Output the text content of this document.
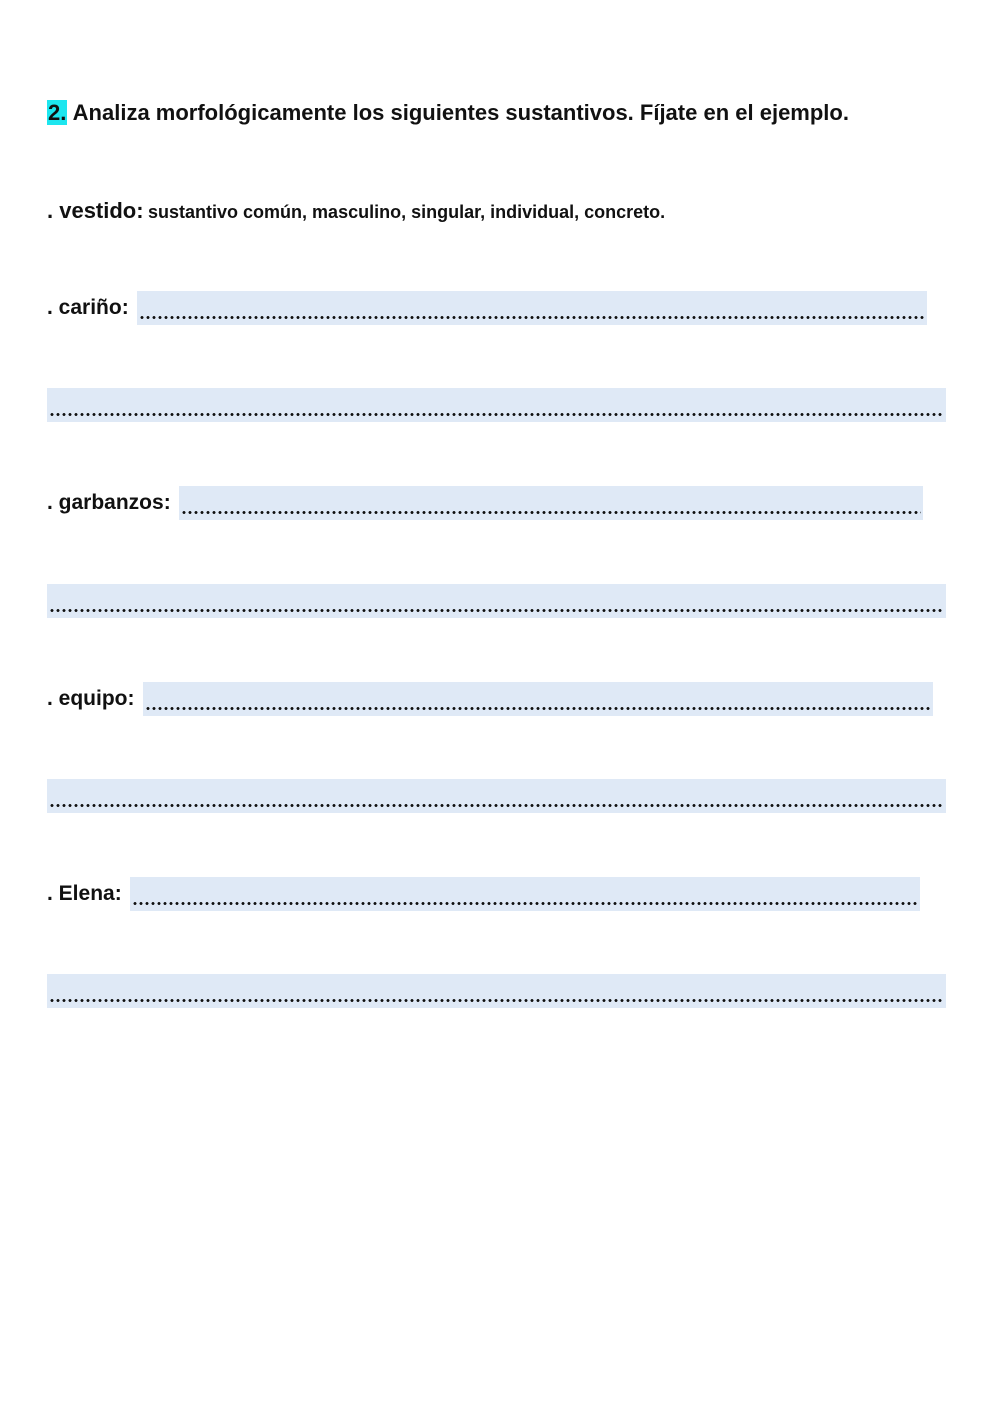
2. Analiza morfológicamente los siguientes sustantivos. Fíjate en el ejemplo.
. vestido: sustantivo común, masculino, singular, individual, concreto.
. cariño:
. garbanzos:
. equipo:
. Elena:
